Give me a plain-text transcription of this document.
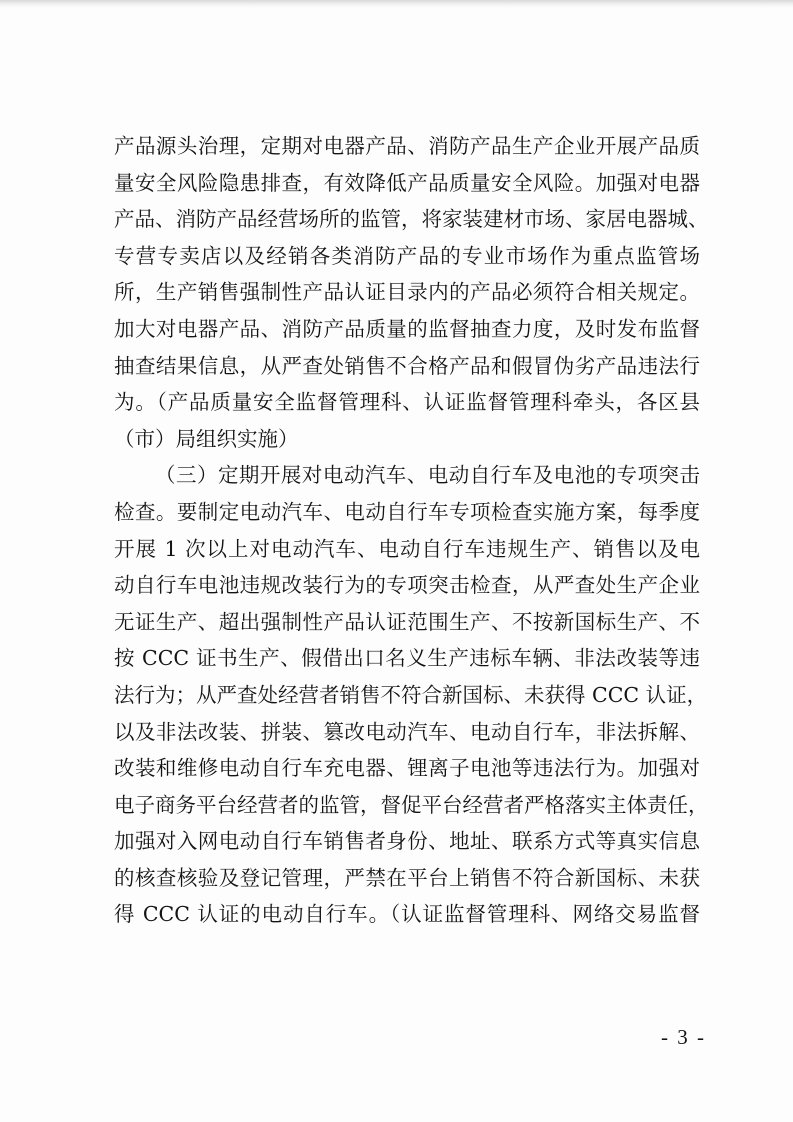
产品源头治理，定期对电器产品、消防产品生产企业开展产品质
量安全风险隐患排查，有效降低产品质量安全风险。加强对电器
产品、消防产品经营场所的监管，将家装建材市场、家居电器城、
专营专卖店以及经销各类消防产品的专业市场作为重点监管场
所，生产销售强制性产品认证目录内的产品必须符合相关规定。
加大对电器产品、消防产品质量的监督抽查力度，及时发布监督
抽查结果信息，从严查处销售不合格产品和假冒伪劣产品违法行
为。（产品质量安全监督管理科、认证监督管理科牵头，各区县
（市）局组织实施）
（三）定期开展对电动汽车、电动自行车及电池的专项突击
检查。要制定电动汽车、电动自行车专项检查实施方案，每季度
开展 1 次以上对电动汽车、电动自行车违规生产、销售以及电
动自行车电池违规改装行为的专项突击检查，从严查处生产企业
无证生产、超出强制性产品认证范围生产、不按新国标生产、不
按 CCC 证书生产、假借出口名义生产违标车辆、非法改装等违
法行为；从严查处经营者销售不符合新国标、未获得 CCC 认证，
以及非法改装、拼装、篡改电动汽车、电动自行车，非法拆解、
改装和维修电动自行车充电器、锂离子电池等违法行为。加强对
电子商务平台经营者的监管，督促平台经营者严格落实主体责任，
加强对入网电动自行车销售者身份、地址、联系方式等真实信息
的核查核验及登记管理，严禁在平台上销售不符合新国标、未获
得 CCC 认证的电动自行车。（认证监督管理科、网络交易监督
- 3 -
